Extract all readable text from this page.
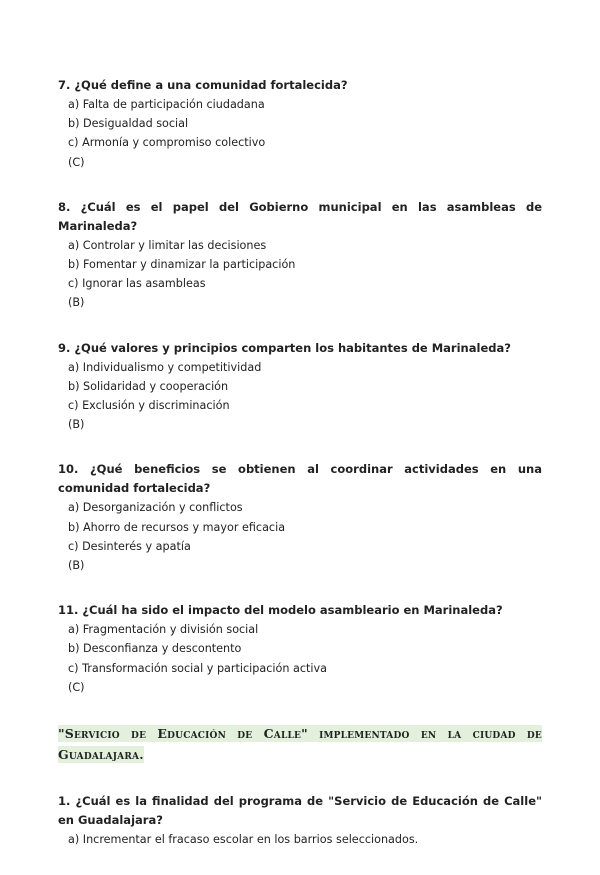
7. ¿Qué define a una comunidad fortalecida?

a) Falta de participación ciudadana

b) Desigualdad social

c) Armonía y compromiso colectivo

(C)

8. ¿Cuál es el papel del Gobierno municipal en las asambleas de Marinaleda?

a) Controlar y limitar las decisiones

b) Fomentar y dinamizar la participación

c) Ignorar las asambleas

(B)

9. ¿Qué valores y principios comparten los habitantes de Marinaleda?

a) Individualismo y competitividad

b) Solidaridad y cooperación

c) Exclusión y discriminación

(B)

10. ¿Qué beneficios se obtienen al coordinar actividades en una comunidad fortalecida?

a) Desorganización y conflictos

b) Ahorro de recursos y mayor eficacia

c) Desinterés y apatía

(B)

11. ¿Cuál ha sido el impacto del modelo asambleario en Marinaleda?

a) Fragmentación y división social

b) Desconfianza y descontento

c) Transformación social y participación activa

(C)

"Servicio de Educación de Calle" implementado en la ciudad de Guadalajara.

1. ¿Cuál es la finalidad del programa de "Servicio de Educación de Calle" en Guadalajara?

a) Incrementar el fracaso escolar en los barrios seleccionados.
